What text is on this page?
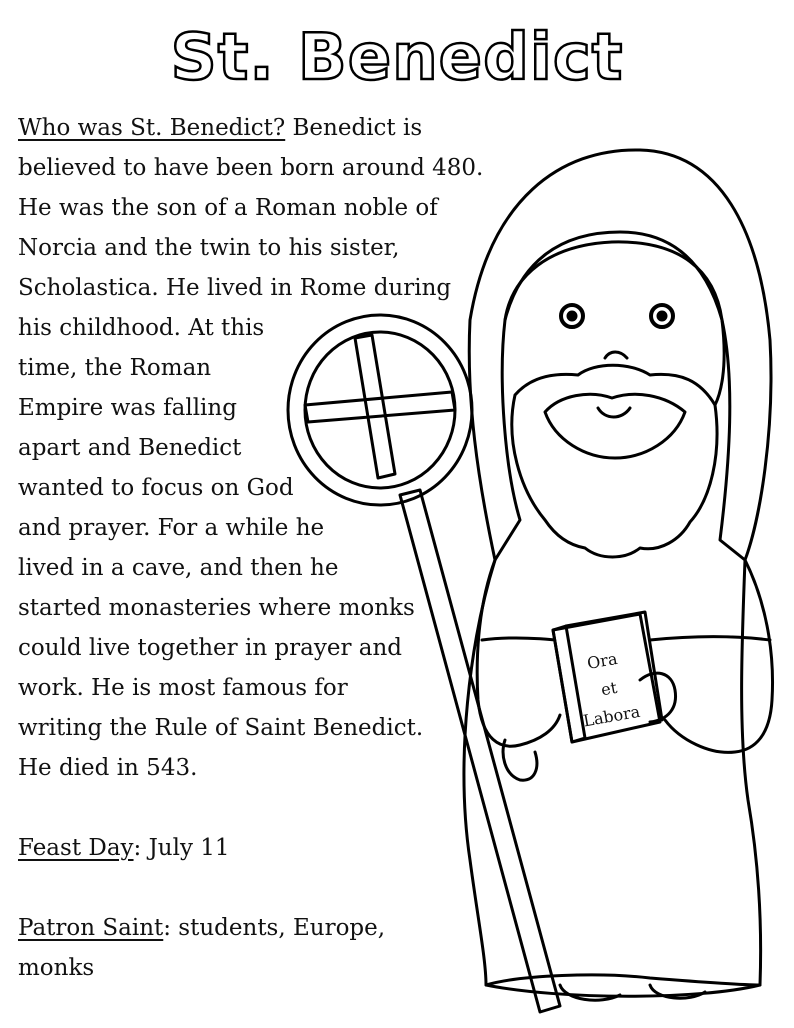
St. Benedict
Ora
et
Labora
Who was St. Benedict? Benedict is
believed to have been born around 480.
He was the son of a Roman noble of
Norcia and the twin to his sister,
Scholastica. He lived in Rome during
his childhood. At this
time, the Roman
Empire was falling
apart and Benedict
wanted to focus on God
and prayer. For a while he
lived in a cave, and then he
started monasteries where monks
could live together in prayer and
work. He is most famous for
writing the Rule of Saint Benedict.
He died in 543.
Feast Day: July 11
Patron Saint: students, Europe,
monks
